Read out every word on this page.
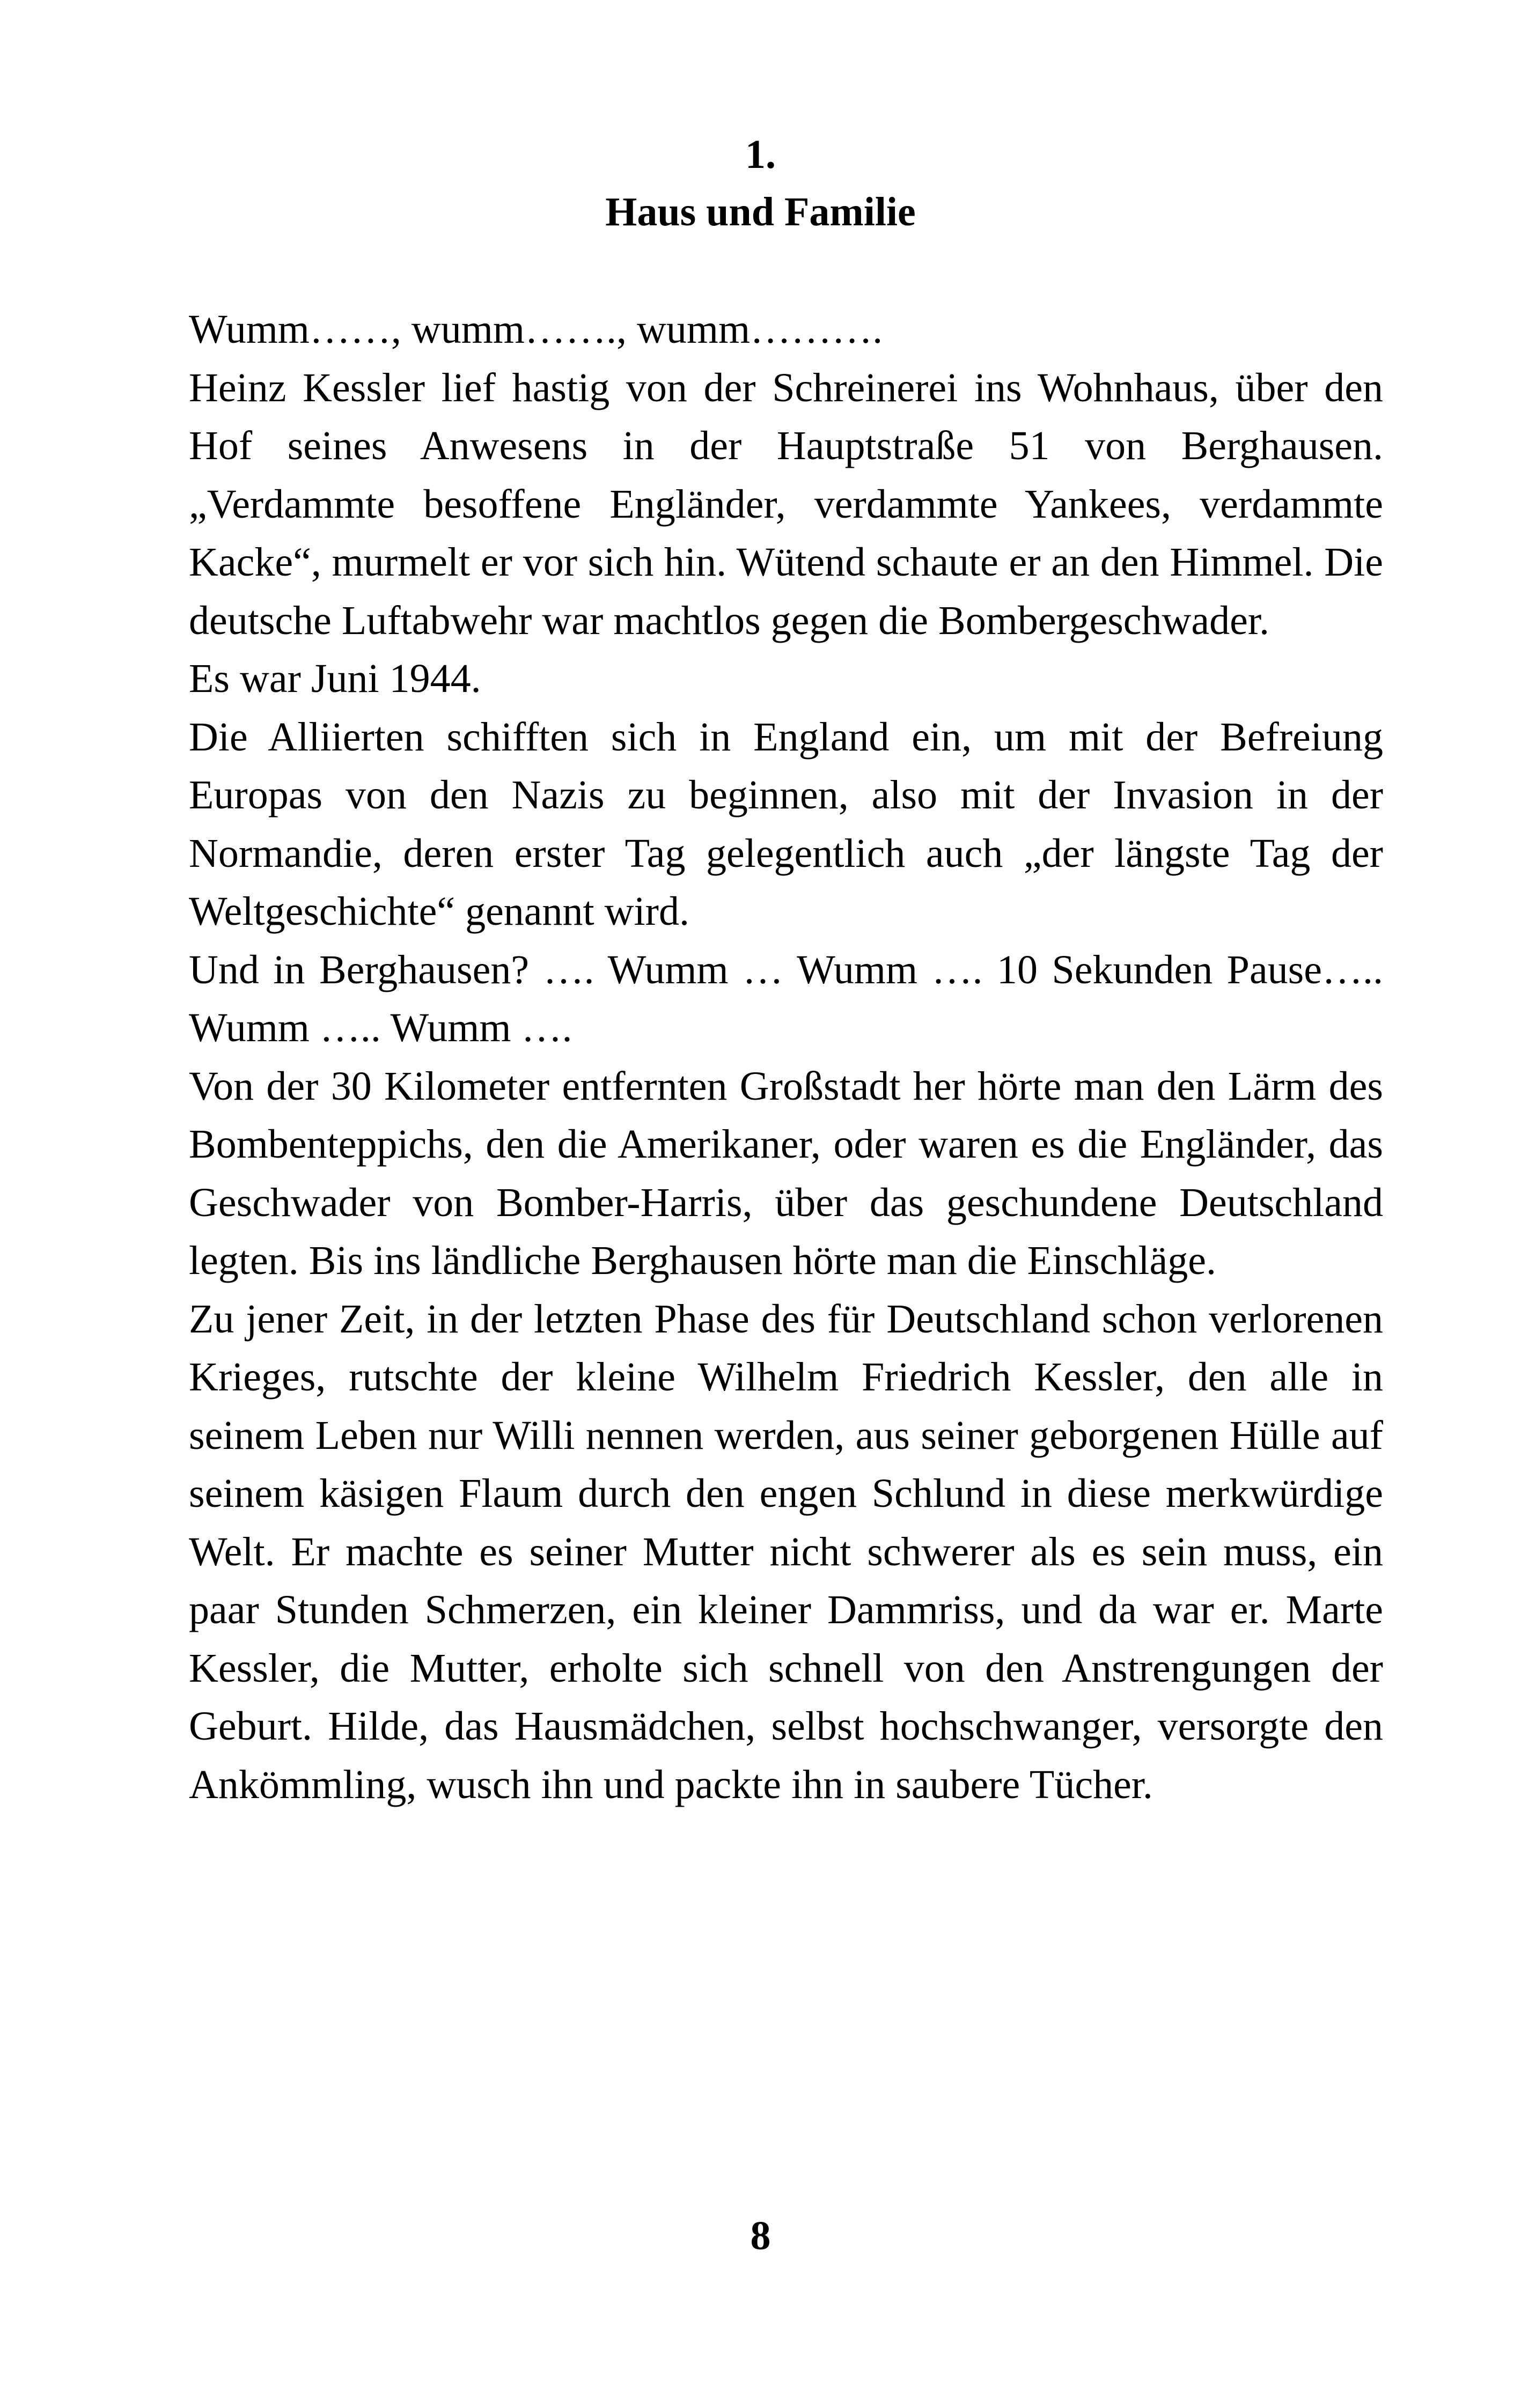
1.
Haus und Familie

Wumm……, wumm……., wumm……….

Heinz Kessler lief hastig von der Schreinerei ins Wohnhaus, über den Hof seines Anwesens in der Hauptstraße 51 von Berghausen. „Verdammte besoffene Engländer, verdammte Yankees, verdammte Kacke“, murmelt er vor sich hin. Wütend schaute er an den Himmel. Die deutsche Luftabwehr war machtlos gegen die Bombergeschwader.

Es war Juni 1944.

Die Alliierten schifften sich in England ein, um mit der Befreiung Europas von den Nazis zu beginnen, also mit der Invasion in der Normandie, deren erster Tag gelegentlich auch „der längste Tag der Weltgeschichte“ genannt wird.

Und in Berghausen? …. Wumm … Wumm …. 10 Sekunden Pause….. Wumm ….. Wumm ….

Von der 30 Kilometer entfernten Großstadt her hörte man den Lärm des Bombenteppichs, den die Amerikaner, oder waren es die Engländer, das Geschwader von Bomber-Harris, über das geschundene Deutschland legten. Bis ins ländliche Berghausen hörte man die Einschläge.

Zu jener Zeit, in der letzten Phase des für Deutschland schon verlorenen Krieges, rutschte der kleine Wilhelm Friedrich Kessler, den alle in seinem Leben nur Willi nennen werden, aus seiner geborgenen Hülle auf seinem käsigen Flaum durch den engen Schlund in diese merkwürdige Welt. Er machte es seiner Mutter nicht schwerer als es sein muss, ein paar Stunden Schmerzen, ein kleiner Dammriss, und da war er. Marte Kessler, die Mutter, erholte sich schnell von den Anstrengungen der Geburt. Hilde, das Hausmädchen, selbst hochschwanger, versorgte den Ankömmling, wusch ihn und packte ihn in saubere Tücher.

8
